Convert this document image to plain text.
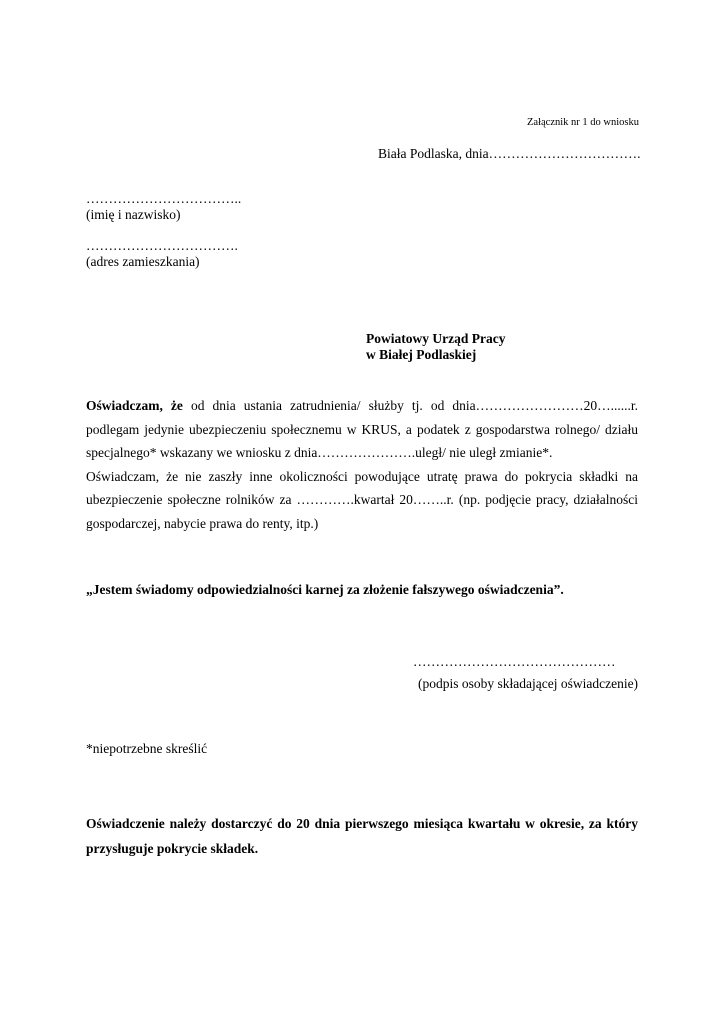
Załącznik nr 1 do wniosku
Biała Podlaska, dnia…………………………….
……………………………..
(imię i nazwisko)
…………………………….
(adres zamieszkania)
Powiatowy Urząd Pracy
w Białej Podlaskiej

Oświadczam, że od dnia ustania zatrudnienia/ służby tj. od dnia……………………20…......r. podlegam jedynie ubezpieczeniu społecznemu w KRUS, a podatek z gospodarstwa rolnego/ działu specjalnego* wskazany we wniosku z dnia………………….uległ/ nie uległ zmianie*.

Oświadczam, że nie zaszły inne okoliczności powodujące utratę prawa do pokrycia składki na ubezpieczenie społeczne rolników za ………….kwartał 20……..r. (np. podjęcie pracy, działalności gospodarczej, nabycie prawa do renty, itp.)

„Jestem świadomy odpowiedzialności karnej za złożenie fałszywego oświadczenia”.
………………………………………
(podpis osoby składającej oświadczenie)
*niepotrzebne skreślić
Oświadczenie należy dostarczyć do 20 dnia pierwszego miesiąca kwartału w okresie, za który przysługuje pokrycie składek.
